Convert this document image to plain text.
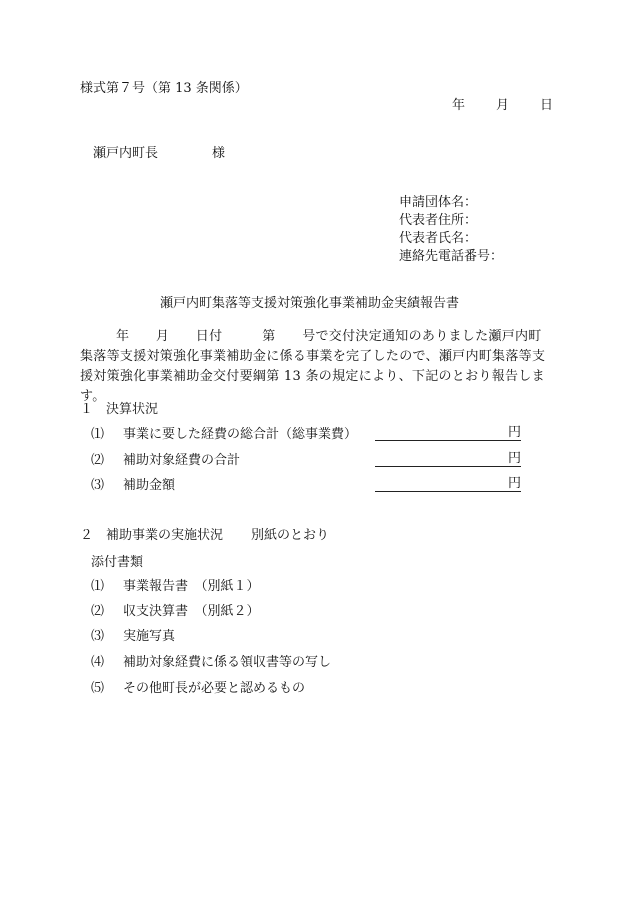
様式第７号（第 13 条関係）
年 月 日
瀬戸内町長	様
申請団体名：
代表者住所：
代表者氏名：
連絡先電話番号：
瀬戸内町集落等支援対策強化事業補助金実績報告書
年　　月　　日付　　　第　　号で交付決定通知のありました瀬戸内町
集落等支援対策強化事業補助金に係る事業を完了したので、瀬戸内町集落等支
援対策強化事業補助金交付要綱第 13 条の規定により、下記のとおり報告します。
１　決算状況
⑴ 事業に要した経費の総合計（総事業費）	円
⑵ 補助対象経費の合計	円
⑶ 補助金額	円
２　補助事業の実施状況 別紙のとおり
添付書類
⑴ 事業報告書　（別紙１）
⑵ 収支決算書　（別紙２）
⑶ 実施写真
⑷ 補助対象経費に係る領収書等の写し
⑸ その他町長が必要と認めるもの
